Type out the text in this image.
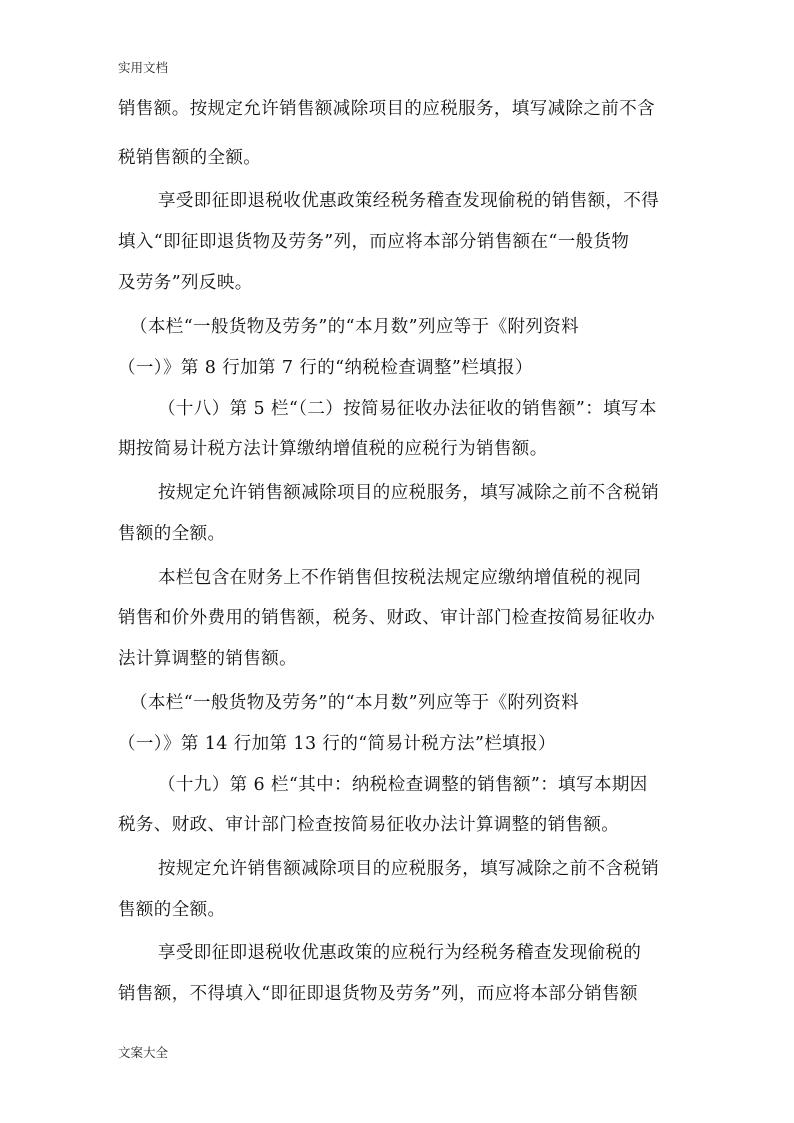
实用文档
销售额。按规定允许销售额减除项目的应税服务，填写减除之前不含
税销售额的全额。
享受即征即退税收优惠政策经税务稽查发现偷税的销售额，不得
填入“即征即退货物及劳务”列，而应将本部分销售额在“一般货物
及劳务”列反映。
（本栏“一般货物及劳务”的“本月数”列应等于《附列资料
（一）》第 8 行加第 7 行的“纳税检查调整”栏填报）
（十八）第 5 栏“（二）按简易征收办法征收的销售额”：填写本
期按简易计税方法计算缴纳增值税的应税行为销售额。
按规定允许销售额减除项目的应税服务，填写减除之前不含税销
售额的全额。
本栏包含在财务上不作销售但按税法规定应缴纳增值税的视同
销售和价外费用的销售额，税务、财政、审计部门检查按简易征收办
法计算调整的销售额。
（本栏“一般货物及劳务”的“本月数”列应等于《附列资料
（一）》第 14 行加第 13 行的“简易计税方法”栏填报）
（十九）第 6 栏“其中：纳税检查调整的销售额”：填写本期因
税务、财政、审计部门检查按简易征收办法计算调整的销售额。
按规定允许销售额减除项目的应税服务，填写减除之前不含税销
售额的全额。
享受即征即退税收优惠政策的应税行为经税务稽查发现偷税的
销售额，不得填入“即征即退货物及劳务”列，而应将本部分销售额
文案大全
